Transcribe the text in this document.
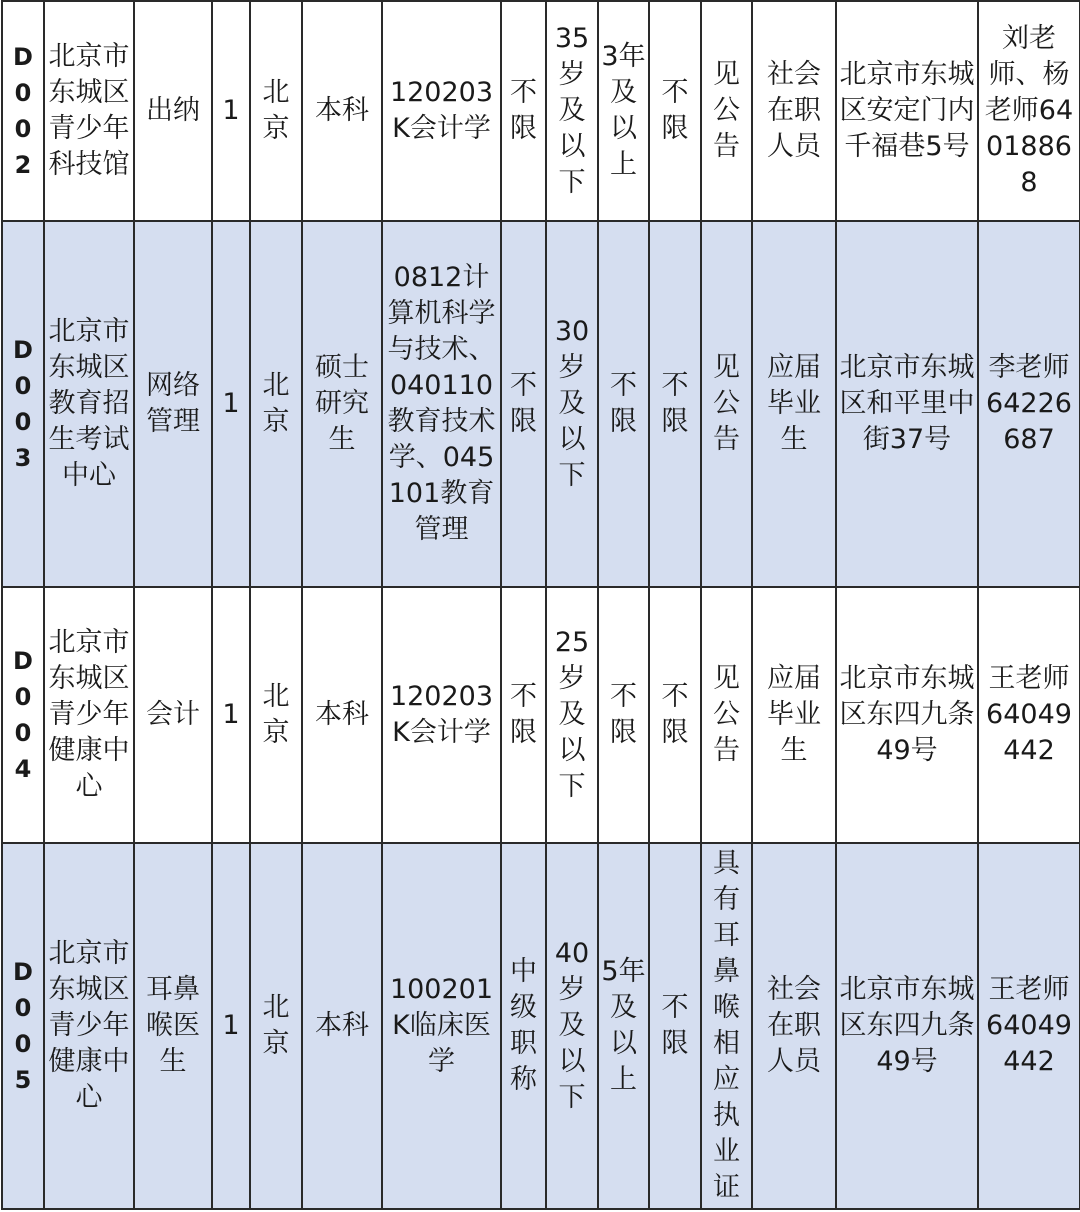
D
0
0
2	北京市东城区青少年科技馆	出纳	1	北京	本科	120203K会计学	不限	35岁及以下	3年及以上	不限	见公告	社会在职人员	北京市东城区安定门内千福巷5号	刘老师、杨老师64018868

D
0
0
3	北京市东城区教育招生考试中心	网络管理	1	北京	硕士研究生	0812计算机科学与技术、040110教育技术学、045101教育管理	不限	30岁及以下	不限	不限	见公告	应届毕业生	北京市东城区和平里中街37号	李老师64226687

D
0
0
4	北京市东城区青少年健康中心	会计	1	北京	本科	120203K会计学	不限	25岁及以下	不限	不限	见公告	应届毕业生	北京市东城区东四九条49号	王老师64049442

D
0
0
5	北京市东城区青少年健康中心	耳鼻喉医生	1	北京	本科	100201K临床医学	中级职称	40岁及以下	5年及以上	不限	具有耳鼻喉相应执业证	社会在职人员	北京市东城区东四九条49号	王老师64049442
